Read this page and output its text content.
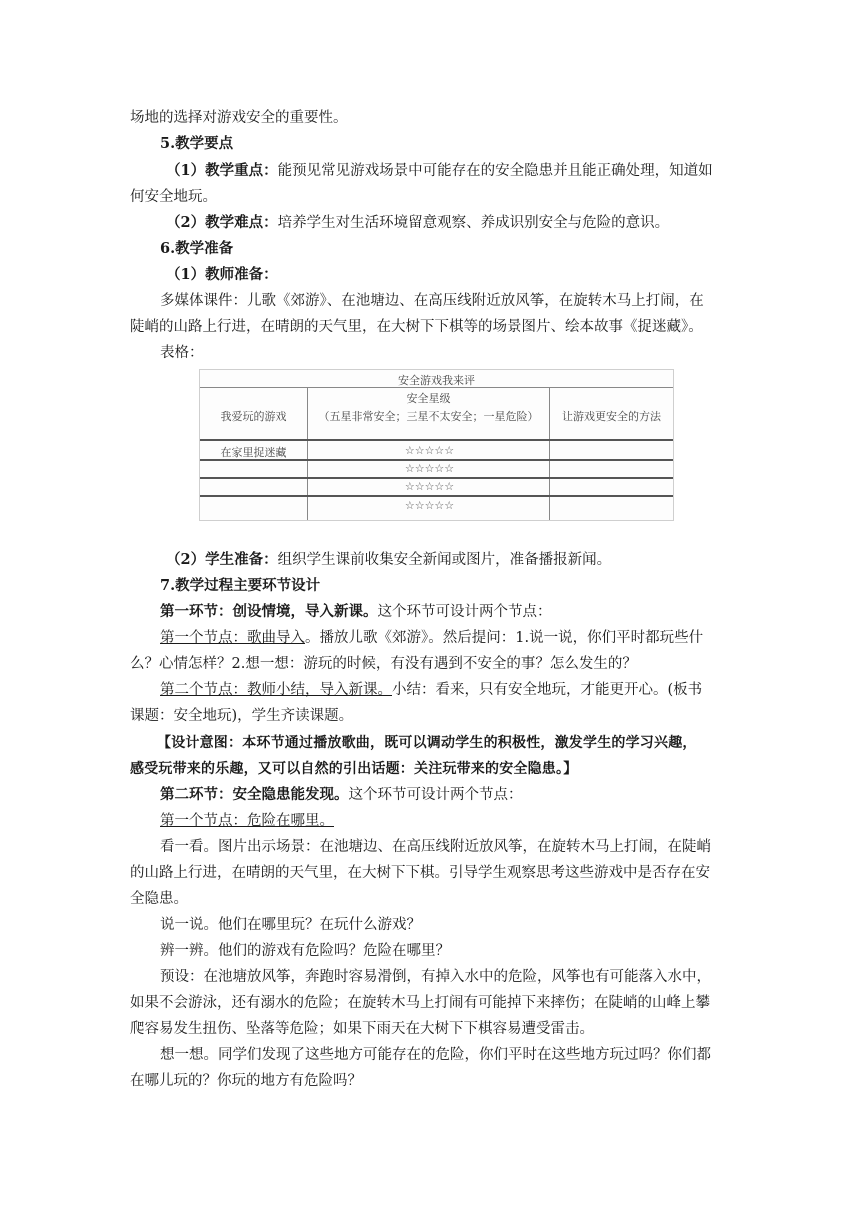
场地的选择对游戏安全的重要性。
5.教学要点
（1）教学重点：能预见常见游戏场景中可能存在的安全隐患并且能正确处理，知道如
何安全地玩。
（2）教学难点：培养学生对生活环境留意观察、养成识别安全与危险的意识。
6.教学准备
（1）教师准备：
多媒体课件：儿歌《郊游》、在池塘边、在高压线附近放风筝，在旋转木马上打闹，在
陡峭的山路上行进，在晴朗的天气里，在大树下下棋等的场景图片、绘本故事《捉迷藏》。
表格：
安全游戏我来评
我爱玩的游戏
安全星级
（五星非常安全；三星不太安全；一星危险）	让游戏更安全的方法
在家里捉迷藏	☆☆☆☆☆
☆☆☆☆☆
☆☆☆☆☆
☆☆☆☆☆
（2）学生准备：组织学生课前收集安全新闻或图片，准备播报新闻。
7.教学过程主要环节设计
第一环节：创设情境，导入新课。这个环节可设计两个节点：
第一个节点：歌曲导入。播放儿歌《郊游》。然后提问：1.说一说，你们平时都玩些什
么？心情怎样？2.想一想：游玩的时候，有没有遇到不安全的事？怎么发生的？
第二个节点：教师小结，导入新课。小结：看来，只有安全地玩，才能更开心。(板书
课题：安全地玩)，学生齐读课题。
【设计意图：本环节通过播放歌曲，既可以调动学生的积极性，激发学生的学习兴趣，
感受玩带来的乐趣，又可以自然的引出话题：关注玩带来的安全隐患。】
第二环节：安全隐患能发现。这个环节可设计两个节点：
第一个节点：危险在哪里。
看一看。图片出示场景：在池塘边、在高压线附近放风筝，在旋转木马上打闹，在陡峭
的山路上行进，在晴朗的天气里，在大树下下棋。引导学生观察思考这些游戏中是否存在安
全隐患。
说一说。他们在哪里玩？在玩什么游戏？
辨一辨。他们的游戏有危险吗？危险在哪里？
预设：在池塘放风筝，奔跑时容易滑倒，有掉入水中的危险，风筝也有可能落入水中，
如果不会游泳，还有溺水的危险；在旋转木马上打闹有可能掉下来摔伤；在陡峭的山峰上攀
爬容易发生扭伤、坠落等危险；如果下雨天在大树下下棋容易遭受雷击。
想一想。同学们发现了这些地方可能存在的危险，你们平时在这些地方玩过吗？你们都
在哪儿玩的？你玩的地方有危险吗？
